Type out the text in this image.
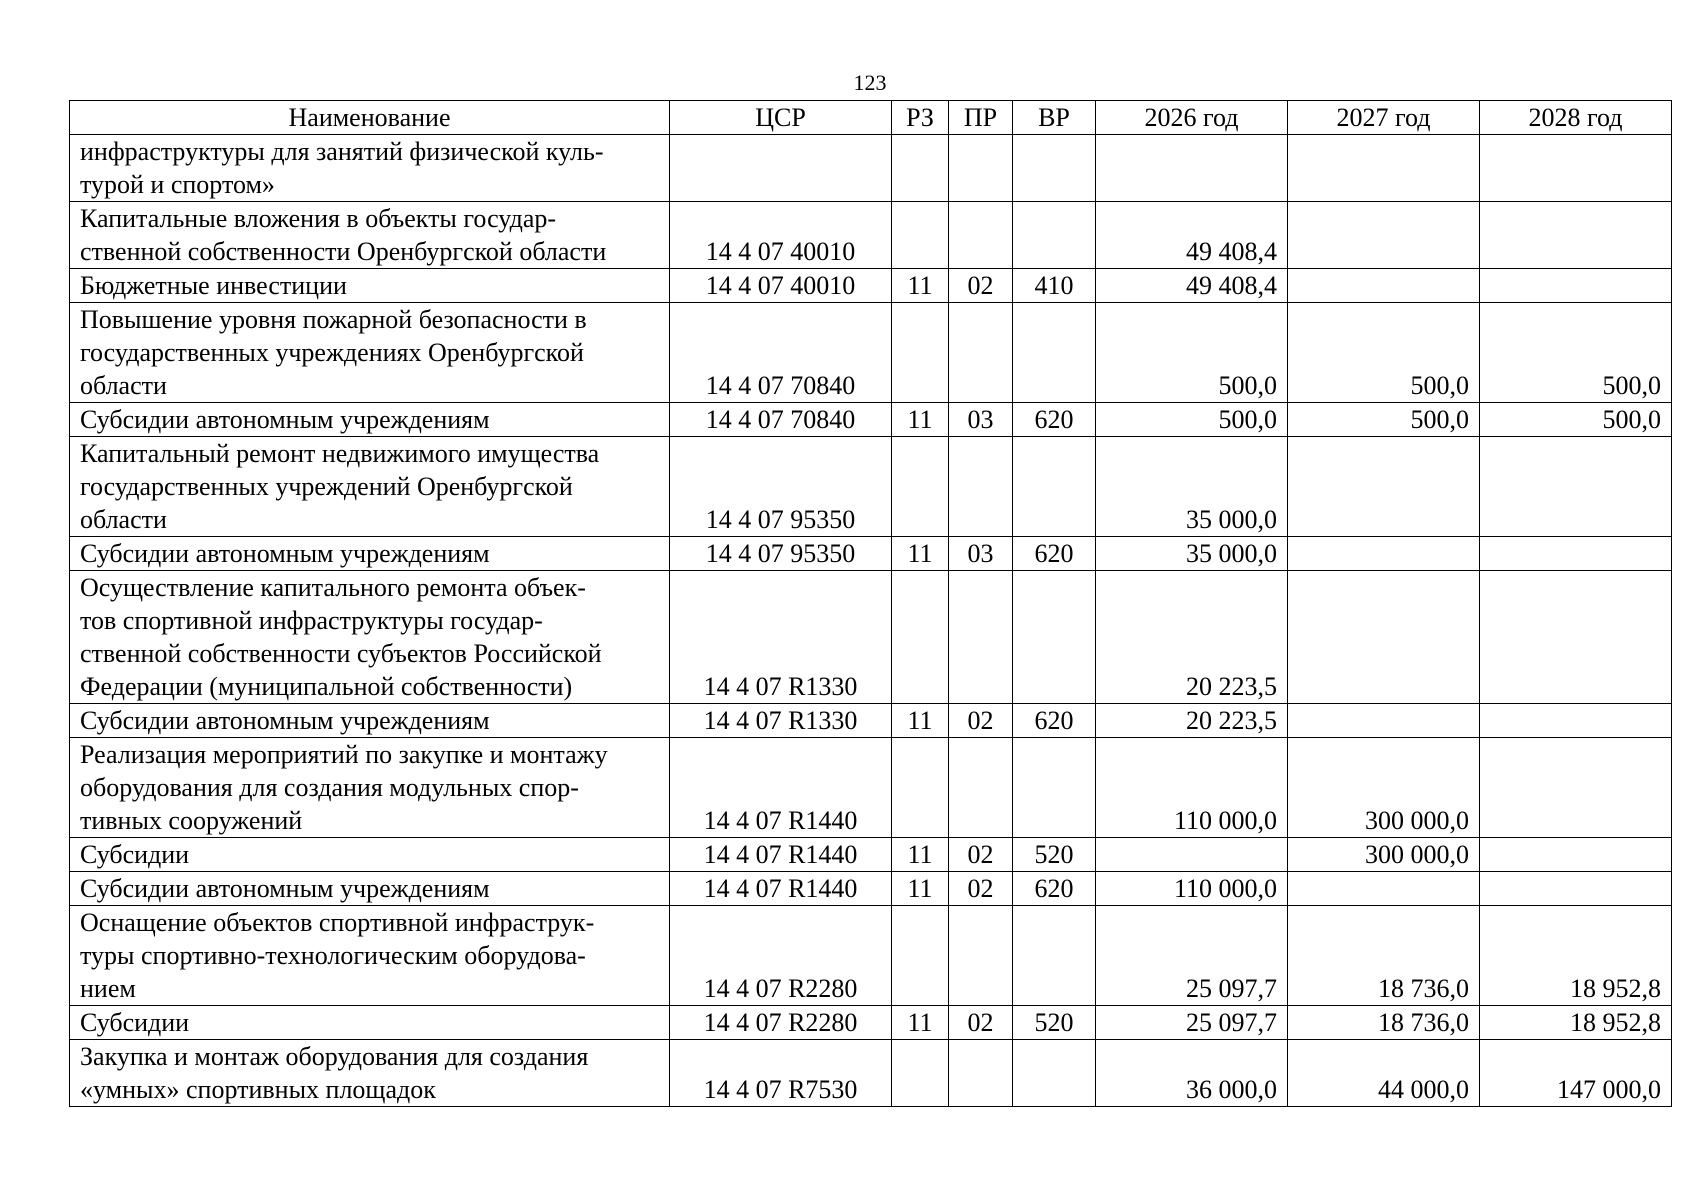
123
Наименование	ЦСР	РЗ	ПР	ВР	2026 год	2027 год	2028 год

инфраструктуры для занятий физической куль-
турой и спортом»							

Капитальные вложения в объекты государ-
ственной собственности Оренбургской области	14 4 07 40010				49 408,4		

Бюджетные инвестиции	14 4 07 40010	11	02	410	49 408,4		

Повышение уровня пожарной безопасности в
государственных учреждениях Оренбургской
области	14 4 07 70840				500,0	500,0	500,0

Субсидии автономным учреждениям	14 4 07 70840	11	03	620	500,0	500,0	500,0

Капитальный ремонт недвижимого имущества
государственных учреждений Оренбургской
области	14 4 07 95350				35 000,0		

Субсидии автономным учреждениям	14 4 07 95350	11	03	620	35 000,0		

Осуществление капитального ремонта объек-
тов спортивной инфраструктуры государ-
ственной собственности субъектов Российской
Федерации (муниципальной собственности)	14 4 07 R1330				20 223,5		

Субсидии автономным учреждениям	14 4 07 R1330	11	02	620	20 223,5		

Реализация мероприятий по закупке и монтажу
оборудования для создания модульных спор-
тивных сооружений	14 4 07 R1440				110 000,0	300 000,0	

Субсидии	14 4 07 R1440	11	02	520		300 000,0	

Субсидии автономным учреждениям	14 4 07 R1440	11	02	620	110 000,0		

Оснащение объектов спортивной инфраструк-
туры спортивно-технологическим оборудова-
нием	14 4 07 R2280				25 097,7	18 736,0	18 952,8

Субсидии	14 4 07 R2280	11	02	520	25 097,7	18 736,0	18 952,8

Закупка и монтаж оборудования для создания
«умных» спортивных площадок	14 4 07 R7530				36 000,0	44 000,0	147 000,0
